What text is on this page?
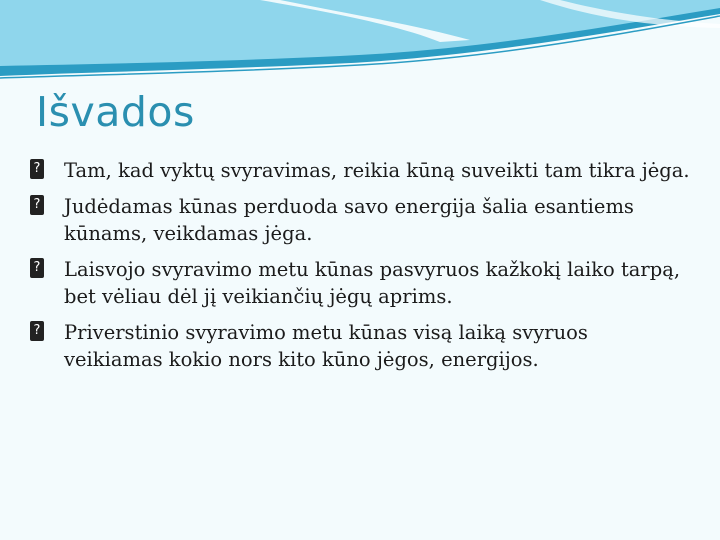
Išvados
? Tam, kad vyktų svyravimas, reikia kūną suveikti tam tikra jėga.
? Judėdamas kūnas perduoda savo energija šalia esantiems kūnams, veikdamas jėga.
? Laisvojo svyravimo metu kūnas pasvyruos kažkokį laiko tarpą, bet vėliau dėl jį veikiančių jėgų aprims.
? Priverstinio svyravimo metu kūnas visą laiką svyruos veikiamas kokio nors kito kūno jėgos, energijos.
